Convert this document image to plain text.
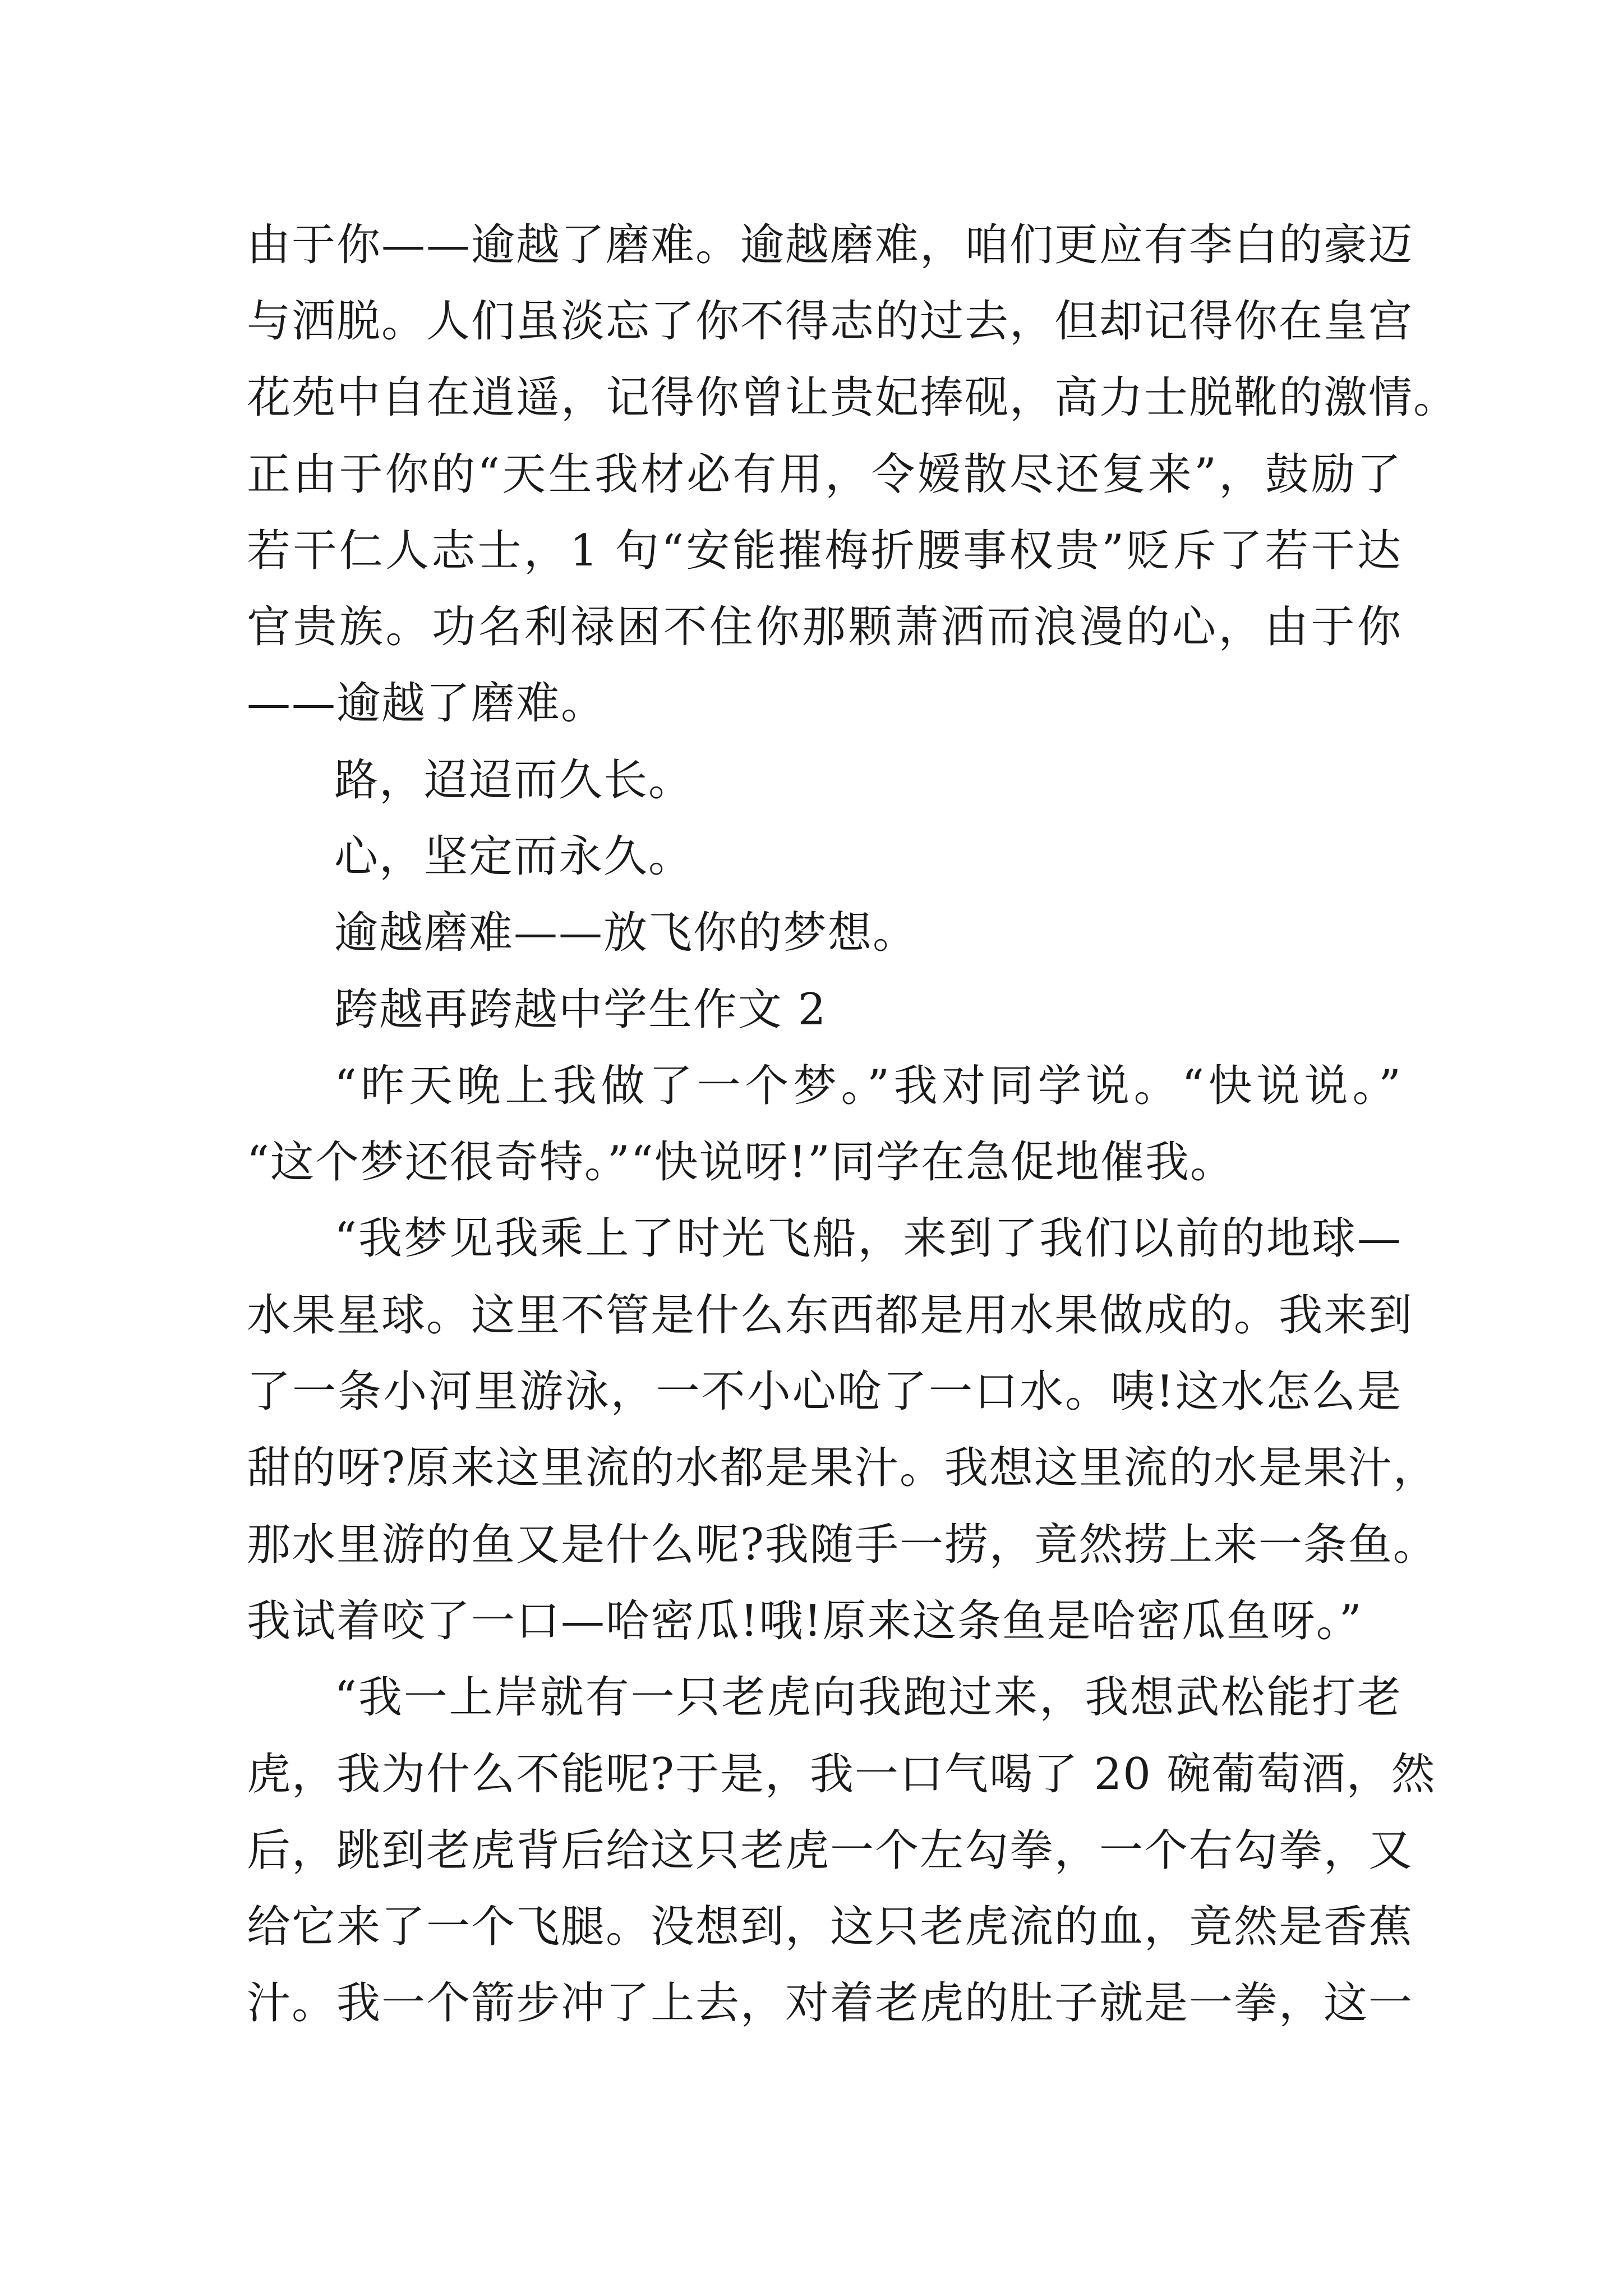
由于你——逾越了磨难。逾越磨难，咱们更应有李白的豪迈
与洒脱。人们虽淡忘了你不得志的过去，但却记得你在皇宫
花苑中自在逍遥，记得你曾让贵妃捧砚，高力士脱靴的激情。
正由于你的“天生我材必有用，令嫒散尽还复来”，鼓励了
若干仁人志士，1 句“安能摧梅折腰事权贵”贬斥了若干达
官贵族。功名利禄困不住你那颗萧洒而浪漫的心，由于你
——逾越了磨难。
路，迢迢而久长。
心，坚定而永久。
逾越磨难——放飞你的梦想。
跨越再跨越中学生作文 2
“昨天晚上我做了一个梦。”我对同学说。“快说说。”
“这个梦还很奇特。”“快说呀!”同学在急促地催我。
“我梦见我乘上了时光飞船，来到了我们以前的地球—
水果星球。这里不管是什么东西都是用水果做成的。我来到
了一条小河里游泳，一不小心呛了一口水。咦!这水怎么是
甜的呀?原来这里流的水都是果汁。我想这里流的水是果汁，
那水里游的鱼又是什么呢?我随手一捞，竟然捞上来一条鱼。
我试着咬了一口—哈密瓜!哦!原来这条鱼是哈密瓜鱼呀。”
“我一上岸就有一只老虎向我跑过来，我想武松能打老
虎，我为什么不能呢?于是，我一口气喝了 20 碗葡萄酒，然
后，跳到老虎背后给这只老虎一个左勾拳，一个右勾拳，又
给它来了一个飞腿。没想到，这只老虎流的血，竟然是香蕉
汁。我一个箭步冲了上去，对着老虎的肚子就是一拳，这一
